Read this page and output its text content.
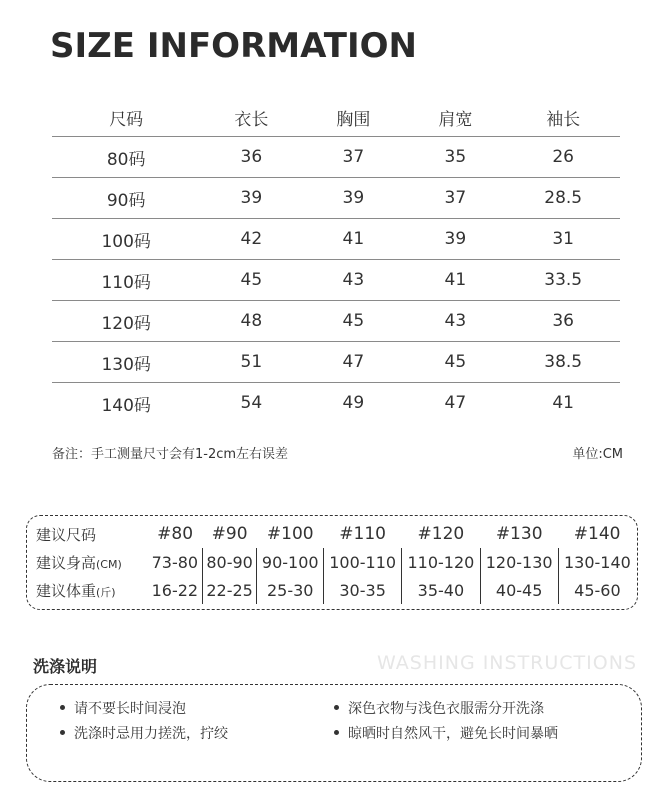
SIZE INFORMATION
尺码	衣长	胸围	肩宽	袖长
80码	36	37	35	26
90码	39	39	37	28.5
100码	42	41	39	31
110码	45	43	41	33.5
120码	48	45	43	36
130码	51	47	45	38.5
140码	54	49	47	41
备注：手工测量尺寸会有1-2cm左右误差	单位:CM
建议尺码	#80	#90	#100	#110	#120	#130	#140
建议身高(CM)	73-80	80-90	90-100	100-110	110-120	120-130	130-140
建议体重(斤)	16-22	22-25	25-30	30-35	35-40	40-45	45-60
洗涤说明	WASHING INSTRUCTIONS
请不要长时间浸泡	深色衣物与浅色衣服需分开洗涤
洗涤时忌用力搓洗，拧绞	晾晒时自然风干，避免长时间暴晒
